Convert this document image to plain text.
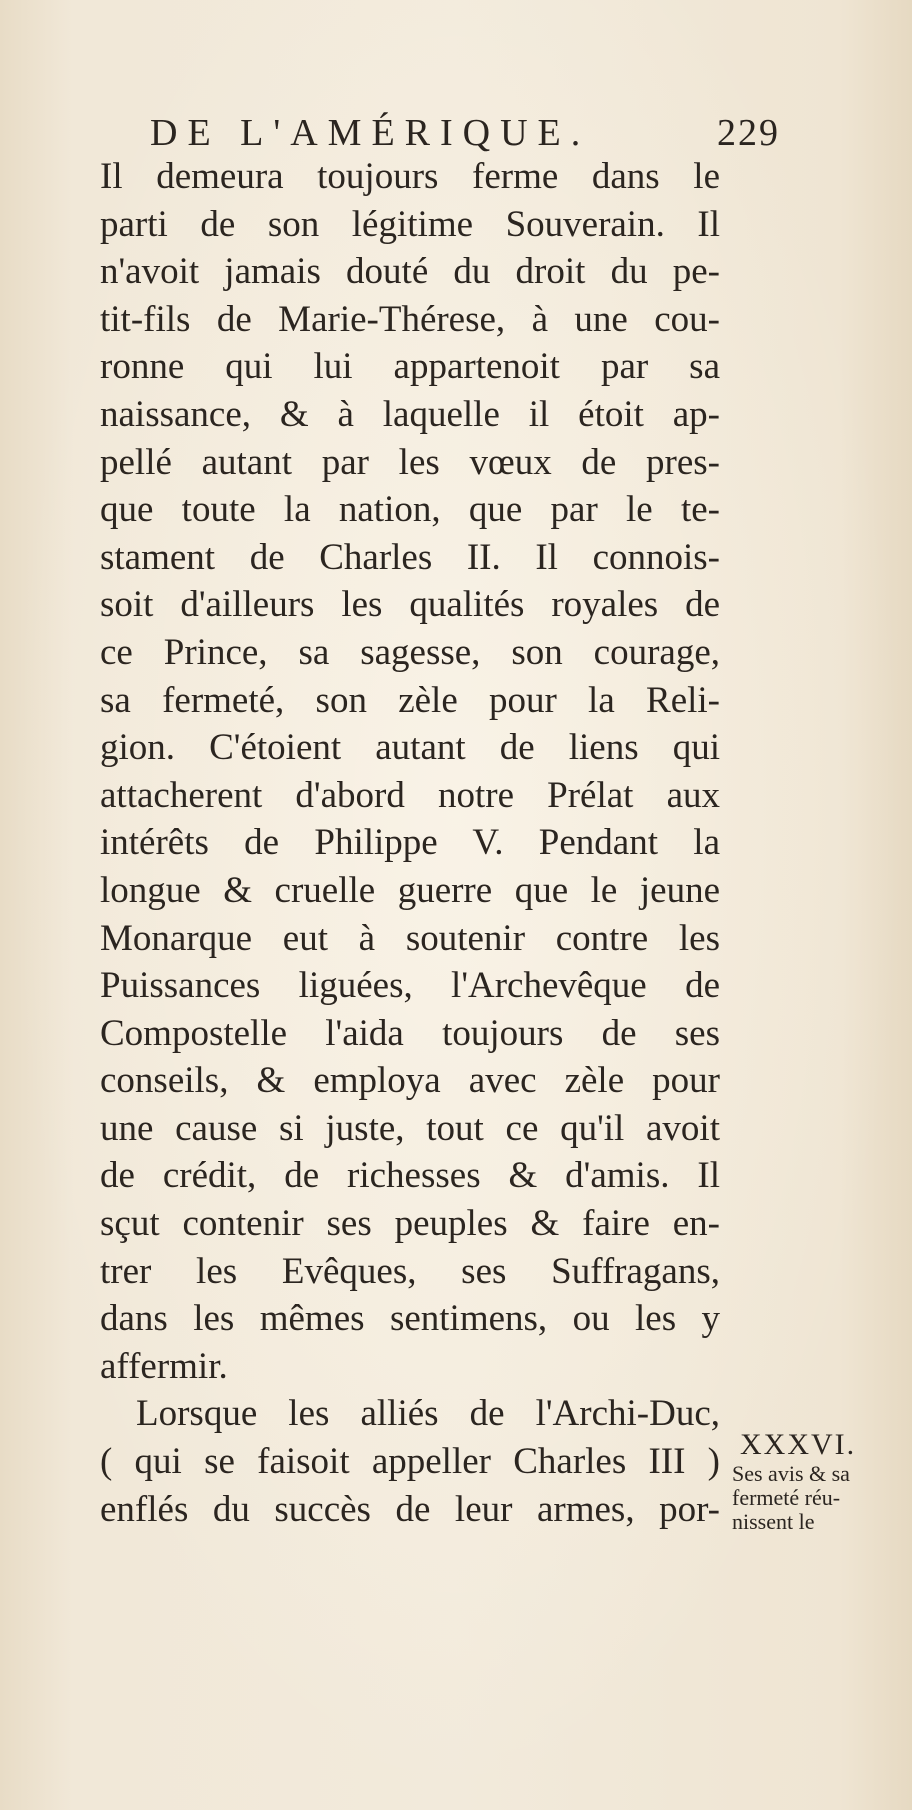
DE L'AMÉRIQUE.	229
Il demeura toujours ferme dans le
parti de son légitime Souverain. Il
n'avoit jamais douté du droit du pe-
tit-fils de Marie-Thérese, à une cou-
ronne qui lui appartenoit par sa
naissance, & à laquelle il étoit ap-
pellé autant par les vœux de pres-
que toute la nation, que par le te-
stament de Charles II. Il connois-
soit d'ailleurs les qualités royales de
ce Prince, sa sagesse, son courage,
sa fermeté, son zèle pour la Reli-
gion. C'étoient autant de liens qui
attacherent d'abord notre Prélat aux
intérêts de Philippe V. Pendant la
longue & cruelle guerre que le jeune
Monarque eut à soutenir contre les
Puissances liguées, l'Archevêque de
Compostelle l'aida toujours de ses
conseils, & employa avec zèle pour
une cause si juste, tout ce qu'il avoit
de crédit, de richesses & d'amis. Il
sçut contenir ses peuples & faire en-
trer les Evêques, ses Suffragans,
dans les mêmes sentimens, ou les y
affermir.
Lorsque les alliés de l'Archi-Duc,
( qui se faisoit appeller Charles III )
enflés du succès de leur armes, por-
XXXVI.
Ses avis & sa
fermeté réu-
nissent le
